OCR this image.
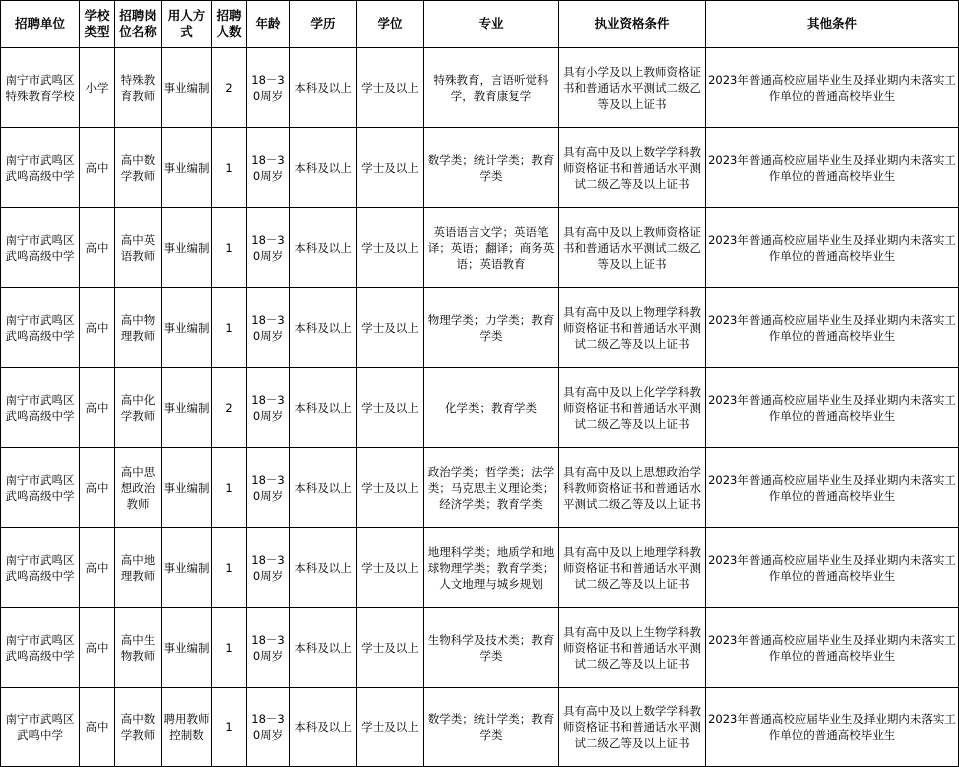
招聘单位	学校类型	招聘岗位名称	用人方式	招聘人数	年龄	学历	学位	专业	执业资格条件	其他条件
南宁市武鸣区特殊教育学校	小学	特殊教育教师	事业编制	2	18－30周岁	本科及以上	学士及以上	特殊教育，言语听觉科学，教育康复学	具有小学及以上教师资格证书和普通话水平测试二级乙等及以上证书	2023年普通高校应届毕业生及择业期内未落实工作单位的普通高校毕业生
南宁市武鸣区武鸣高级中学	高中	高中数学教师	事业编制	1	18－30周岁	本科及以上	学士及以上	数学类；统计学类；教育学类	具有高中及以上数学学科教师资格证书和普通话水平测试二级乙等及以上证书	2023年普通高校应届毕业生及择业期内未落实工作单位的普通高校毕业生
南宁市武鸣区武鸣高级中学	高中	高中英语教师	事业编制	1	18－30周岁	本科及以上	学士及以上	英语语言文学；英语笔译；英语；翻译；商务英语；英语教育	具有高中及以上教师资格证书和普通话水平测试二级乙等及以上证书	2023年普通高校应届毕业生及择业期内未落实工作单位的普通高校毕业生
南宁市武鸣区武鸣高级中学	高中	高中物理教师	事业编制	1	18－30周岁	本科及以上	学士及以上	物理学类；力学类；教育学类	具有高中及以上物理学科教师资格证书和普通话水平测试二级乙等及以上证书	2023年普通高校应届毕业生及择业期内未落实工作单位的普通高校毕业生
南宁市武鸣区武鸣高级中学	高中	高中化学教师	事业编制	2	18－30周岁	本科及以上	学士及以上	化学类；教育学类	具有高中及以上化学学科教师资格证书和普通话水平测试二级乙等及以上证书	2023年普通高校应届毕业生及择业期内未落实工作单位的普通高校毕业生
南宁市武鸣区武鸣高级中学	高中	高中思想政治教师	事业编制	1	18－30周岁	本科及以上	学士及以上	政治学类；哲学类；法学类；马克思主义理论类；经济学类；教育学类	具有高中及以上思想政治学科教师资格证书和普通话水平测试二级乙等及以上证书	2023年普通高校应届毕业生及择业期内未落实工作单位的普通高校毕业生
南宁市武鸣区武鸣高级中学	高中	高中地理教师	事业编制	1	18－30周岁	本科及以上	学士及以上	地理科学类；地质学和地球物理学类；教育学类；人文地理与城乡规划	具有高中及以上地理学科教师资格证书和普通话水平测试二级乙等及以上证书	2023年普通高校应届毕业生及择业期内未落实工作单位的普通高校毕业生
南宁市武鸣区武鸣高级中学	高中	高中生物教师	事业编制	1	18－30周岁	本科及以上	学士及以上	生物科学及技术类；教育学类	具有高中及以上生物学科教师资格证书和普通话水平测试二级乙等及以上证书	2023年普通高校应届毕业生及择业期内未落实工作单位的普通高校毕业生
南宁市武鸣区武鸣中学	高中	高中数学教师	聘用教师控制数	1	18－30周岁	本科及以上	学士及以上	数学类；统计学类；教育学类	具有高中及以上数学学科教师资格证书和普通话水平测试二级乙等及以上证书	2023年普通高校应届毕业生及择业期内未落实工作单位的普通高校毕业生
